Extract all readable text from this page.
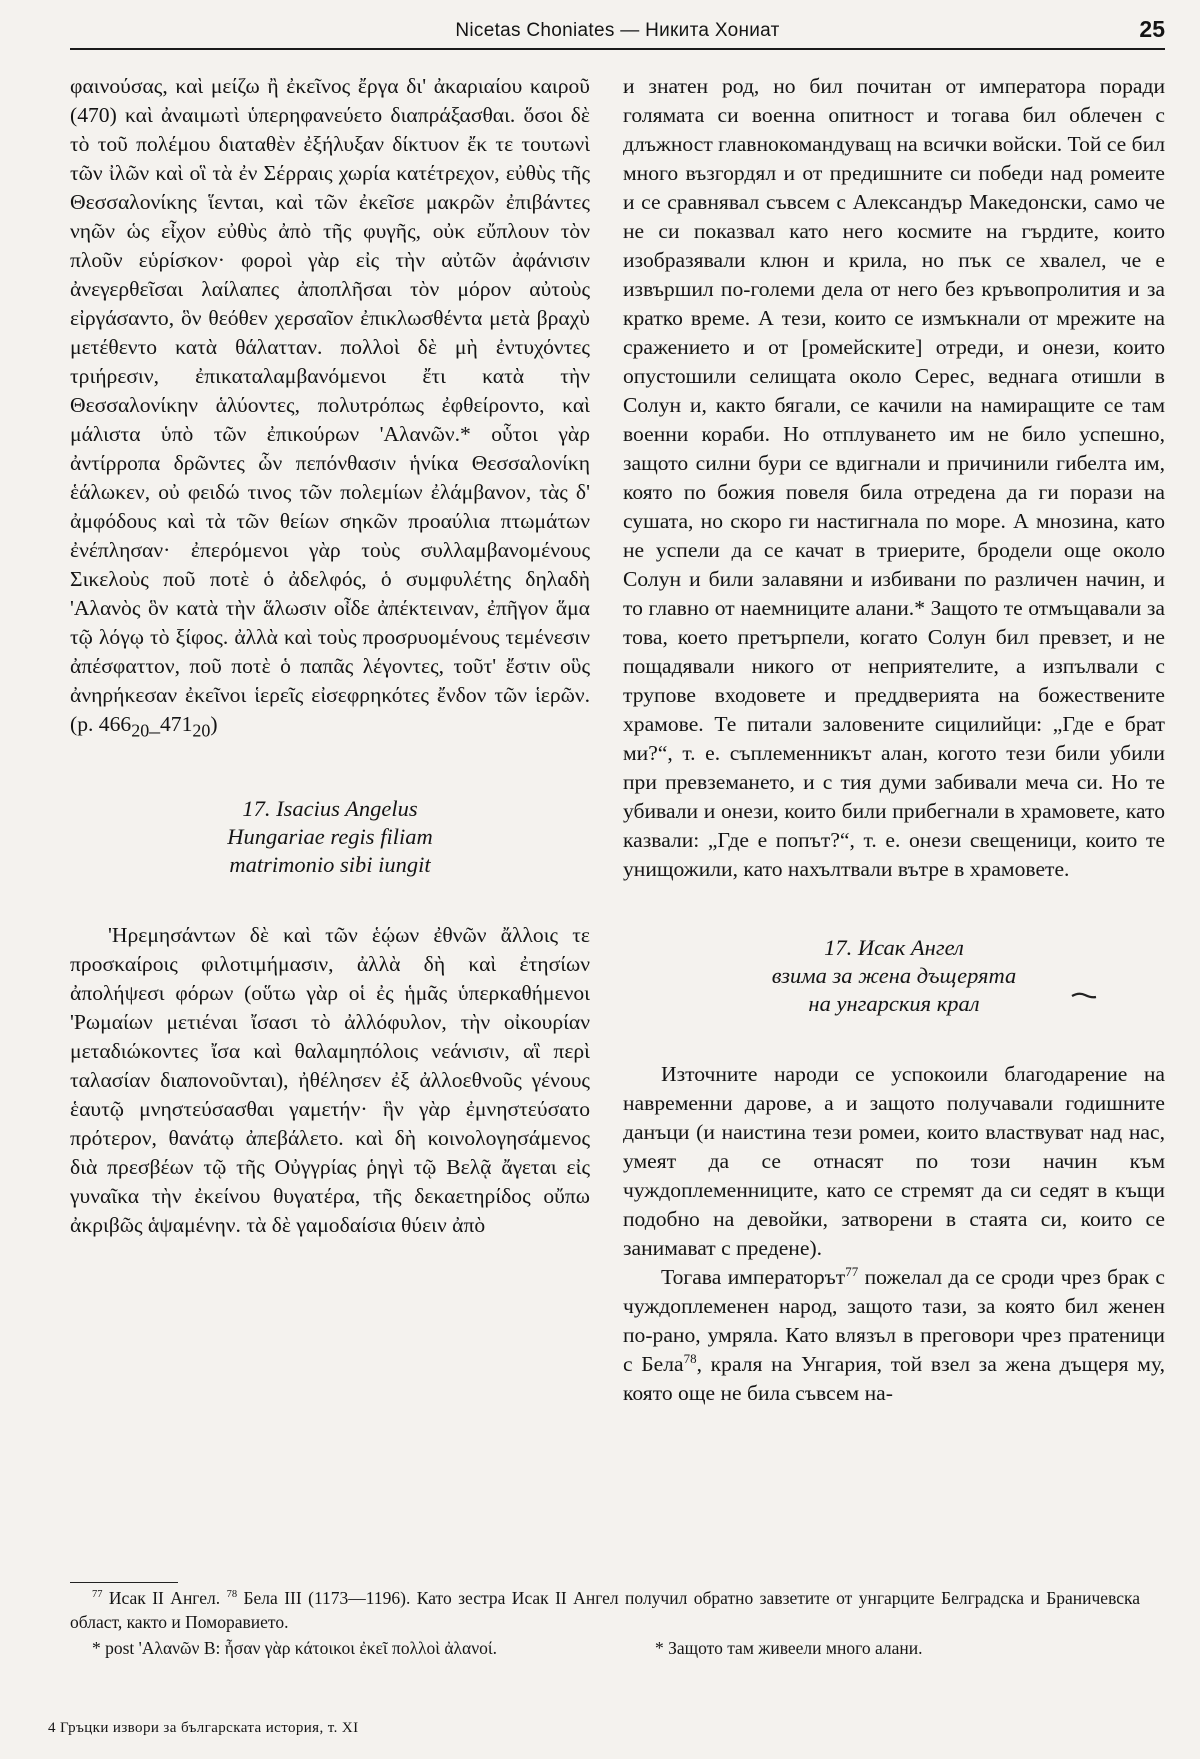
Nicetas Choniates — Никита Хониат	25

φαινούσας, καὶ μείζω ἢ ἐκεῖνος ἔργα δι' ἀκαριαίου καιροῦ (470) καὶ ἀναιμωτὶ ὑπερηφανεύετο διαπράξασθαι. ὅσοι δὲ τὸ τοῦ πολέμου διαταθὲν ἐξήλυξαν δίκτυον ἔκ τε τουτωνὶ τῶν ἰλῶν καὶ οἳ τὰ ἐν Σέρραις χωρία κατέτρεχον, εὐθὺς τῆς Θεσσαλονίκης ἵενται, καὶ τῶν ἐκεῖσε μακρῶν ἐπιβάντες νηῶν ὡς εἶχον εὐθὺς ἀπὸ τῆς φυγῆς, οὐκ εὔπλουν τὸν πλοῦν εὑρίσκον· φοροὶ γὰρ εἰς τὴν αὐτῶν ἀφάνισιν ἀνεγερθεῖσαι λαίλαπες ἀποπλῆσαι τὸν μόρον αὐτοὺς εἰργάσαντο, ὃν θεόθεν χερσαῖον ἐπικλωσθέντα μετὰ βραχὺ μετέθεντο κατὰ θάλατταν. πολλοὶ δὲ μὴ ἐντυχόντες τριήρεσιν, ἐπικαταλαμβανόμενοι ἔτι κατὰ τὴν Θεσσαλονίκην ἁλύοντες, πολυτρόπως ἐφθείροντο, καὶ μάλιστα ὑπὸ τῶν ἐπικούρων 'Αλανῶν.* οὗτοι γὰρ ἀντίρροπα δρῶντες ὧν πεπόνθασιν ἡνίκα Θεσσαλονίκη ἑάλωκεν, οὐ φειδώ τινος τῶν πολεμίων ἐλάμβανον, τὰς δ' ἀμφόδους καὶ τὰ τῶν θείων σηκῶν προαύλια πτωμάτων ἐνέπλησαν· ἐπερόμενοι γὰρ τοὺς συλλαμβανομένους Σικελοὺς ποῦ ποτὲ ὁ ἀδελφός, ὁ συμφυλέτης δηλαδὴ 'Αλανὸς ὃν κατὰ τὴν ἅλωσιν οἶδε ἀπέκτειναν, ἐπῆγον ἅμα τῷ λόγῳ τὸ ξίφος. ἀλλὰ καὶ τοὺς προσρυομένους τεμένεσιν ἀπέσφαττον, ποῦ ποτὲ ὁ παπᾶς λέγοντες, τοῦτ' ἔστιν οὓς ἀνηρήκεσαν ἐκεῖνοι ἱερεῖς εἰσεφρηκότες ἔνδον τῶν ἱερῶν. (p. $466_{20}\_471_{20}$)

17. Isacius Angelus
Hungariae regis filiam
matrimonio sibi iungit

'Ηρεμησάντων δὲ καὶ τῶν ἑῴων ἐθνῶν ἄλλοις τε προσκαίροις φιλοτιμήμασιν, ἀλλὰ δὴ καὶ ἐτησίων ἀπολήψεσι φόρων (οὕτω γὰρ οἱ ἐς ἡμᾶς ὑπερκαθήμενοι 'Ρωμαίων μετιέναι ἴσασι τὸ ἀλλόφυλον, τὴν οἰκουρίαν μεταδιώκοντες ἴσα καὶ θαλαμηπόλοις νεάνισιν, αἳ περὶ ταλασίαν διαπονοῦνται), ἠθέλησεν ἐξ ἀλλοεθνοῦς γένους ἑαυτῷ μνηστεύσασθαι γαμετήν· ἣν γὰρ ἐμνηστεύσατο πρότερον, θανάτῳ ἀπεβάλετο. καὶ δὴ κοινολογησάμενος διὰ πρεσβέων τῷ τῆς Οὐγγρίας ῥηγὶ τῷ Βελᾷ ἄγεται εἰς γυναῖκα τὴν ἐκείνου θυγατέρα, τῆς δεκαετηρίδος οὔπω ἀκριβῶς ἁψαμένην. τὰ δὲ γαμοδαίσια θύειν ἀπὸ

и знатен род, но бил почитан от императора поради голямата си военна опитност и тогава бил облечен с длъжност главнокомандуващ на всички войски. Той се бил много възгордял и от предишните си победи над ромеите и се сравнявал съвсем с Александър Македонски, само че не си показвал като него космите на гърдите, които изобразявали клюн и крила, но пък се хвалел, че е извършил по-големи дела от него без кръвопролития и за кратко време. А тези, които се измъкнали от мрежите на сражението и от [ромейските] отреди, и онези, които опустошили селищата около Серес, веднага отишли в Солун и, както бягали, се качили на намиращите се там военни кораби. Но отплуването им не било успешно, защото силни бури се вдигнали и причинили гибелта им, която по божия повеля била отредена да ги порази на сушата, но скоро ги настигнала по море. А мнозина, като не успели да се качат в триерите, бродели още около Солун и били залавяни и избивани по различен начин, и то главно от наемниците алани.* Защото те отмъщавали за това, което претърпели, когато Солун бил превзет, и не пощадявали никого от неприятелите, а изпълвали с трупове входовете и преддверията на божествените храмове. Те питали заловените сицилийци: „Где е брат ми?“, т. е. съплеменникът алан, когото тези били убили при превземането, и с тия думи забивали меча си. Но те убивали и онези, които били прибегнали в храмовете, като казвали: „Где е попът?“, т. е. онези свещеници, които те унищожили, като нахълтвали вътре в храмовете.

17. Исак Ангел
взима за жена дъщерята
на унгарския крал

Източните народи се успокоили благодарение на навременни дарове, а и защото получавали годишните данъци (и наистина тези ромеи, които властвуват над нас, умеят да се отнасят по този начин към чуждоплеменниците, като се стремят да си седят в къщи подобно на девойки, затворени в стаята си, които се занимават с предене).

Тогава императорът$^{77}$ пожелал да се сроди чрез брак с чуждоплеменен народ, защото тази, за която бил женен по-рано, умряла. Като влязъл в преговори чрез пратеници с Бела$^{78}$, краля на Унгария, той взел за жена дъщеря му, която още не била съвсем на-

$^{77}$ Исак II Ангел. $^{78}$ Бела III (1173—1196). Като зестра Исак II Ангел получил обратно завзетите от унгарците Белградска и Браничевска област, както и Поморавието.
* post 'Αλανῶν B: ἦσαν γὰρ κάτοικοι ἐκεῖ πολλοὶ ἀλανοί.	* Защото там живеели много алани.
4 Гръцки извори за българската история, т. XI
